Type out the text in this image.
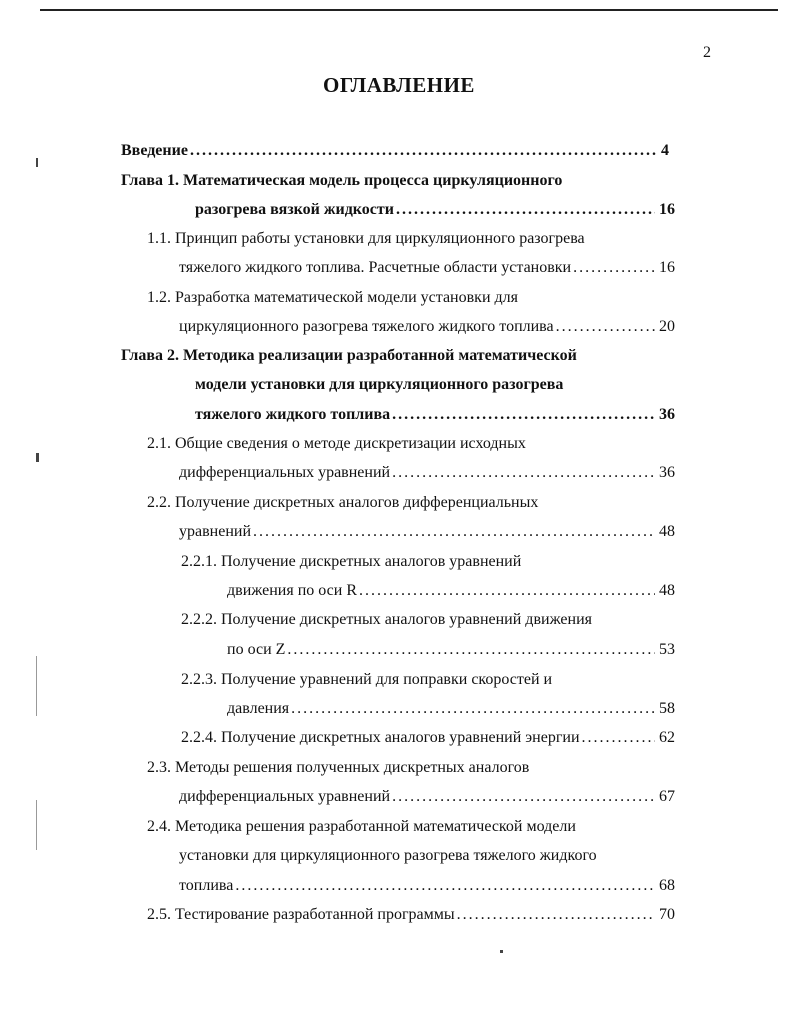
2
ОГЛАВЛЕНИЕ
Введение .....	4
Глава 1. Математическая модель процесса циркуляционного
разогрева вязкой жидкости .....	16
1.1. Принцип работы установки для циркуляционного разогрева
тяжелого жидкого топлива. Расчетные области установки .....	16
1.2. Разработка математической модели установки для
циркуляционного разогрева тяжелого жидкого топлива .....	20
Глава 2. Методика реализации разработанной математической
модели установки для циркуляционного разогрева
тяжелого жидкого топлива .....	36
2.1. Общие сведения о методе дискретизации исходных
дифференциальных уравнений .....	36
2.2. Получение дискретных аналогов дифференциальных
уравнений .....	48
2.2.1. Получение дискретных аналогов уравнений
движения по оси R .....	48
2.2.2. Получение дискретных аналогов уравнений движения
по оси Z .....	53
2.2.3. Получение уравнений для поправки скоростей и
давления .....	58
2.2.4. Получение дискретных аналогов уравнений энергии .....	62
2.3. Методы решения полученных дискретных аналогов
дифференциальных уравнений .....	67
2.4. Методика решения разработанной математической модели
установки для циркуляционного разогрева тяжелого жидкого
топлива .....	68
2.5. Тестирование разработанной программы .....	70
